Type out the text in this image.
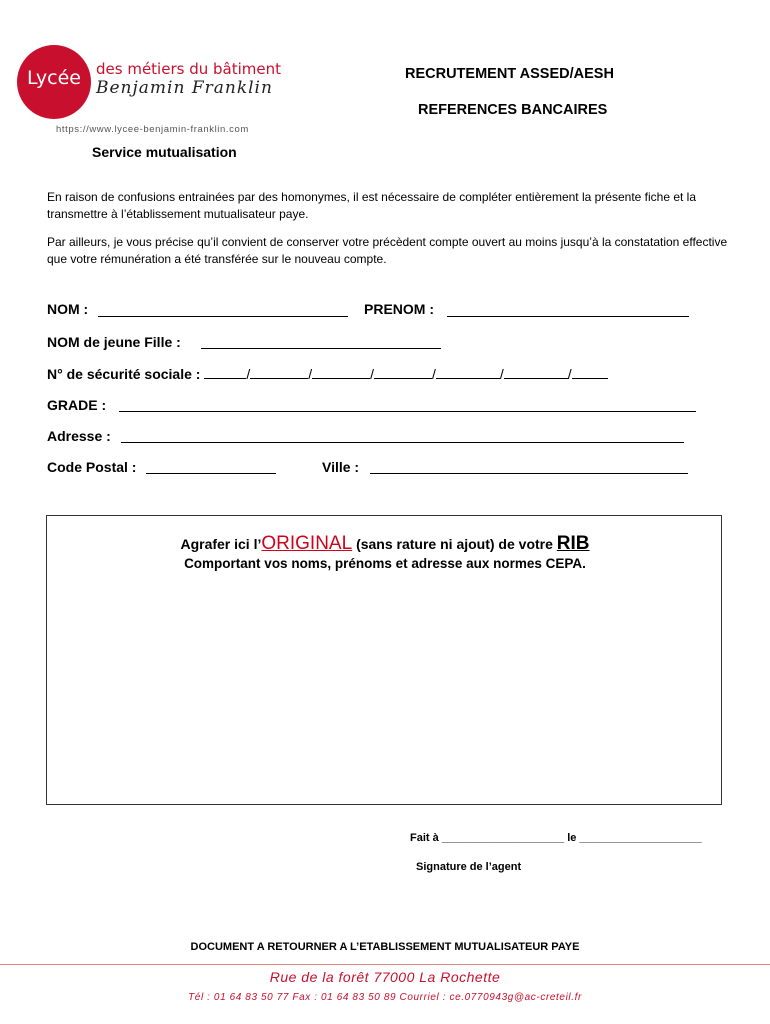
Lycée	des métiers du bâtiment
Benjamin Franklin
https://www.lycee-benjamin-franklin.com
Service mutualisation
RECRUTEMENT ASSED/AESH
REFERENCES BANCAIRES
En raison de confusions entrainées par des homonymes, il est nécessaire de compléter entièrement la présente fiche et la transmettre à l’établissement mutualisateur paye.
Par ailleurs, je vous précise qu’il convient de conserver votre précèdent compte ouvert au moins jusqu’à la constatation effective que votre rémunération a été transférée sur le nouveau compte.
NOM :	PRENOM :
NOM de jeune Fille :
N° de sécurité sociale :	/	/	/	/	/	/
GRADE :
Adresse :
Code Postal :	Ville :
Agrafer ici l’ORIGINAL (sans rature ni ajout) de votre RIB
Comportant vos noms, prénoms et adresse aux normes CEPA.
Fait à ____________________ le ____________________
Signature de l’agent
DOCUMENT A RETOURNER A L’ETABLISSEMENT MUTUALISATEUR PAYE
Rue de la forêt 77000 La Rochette
Tél : 01 64 83 50 77 Fax : 01 64 83 50 89 Courriel : ce.0770943g@ac-creteil.fr
